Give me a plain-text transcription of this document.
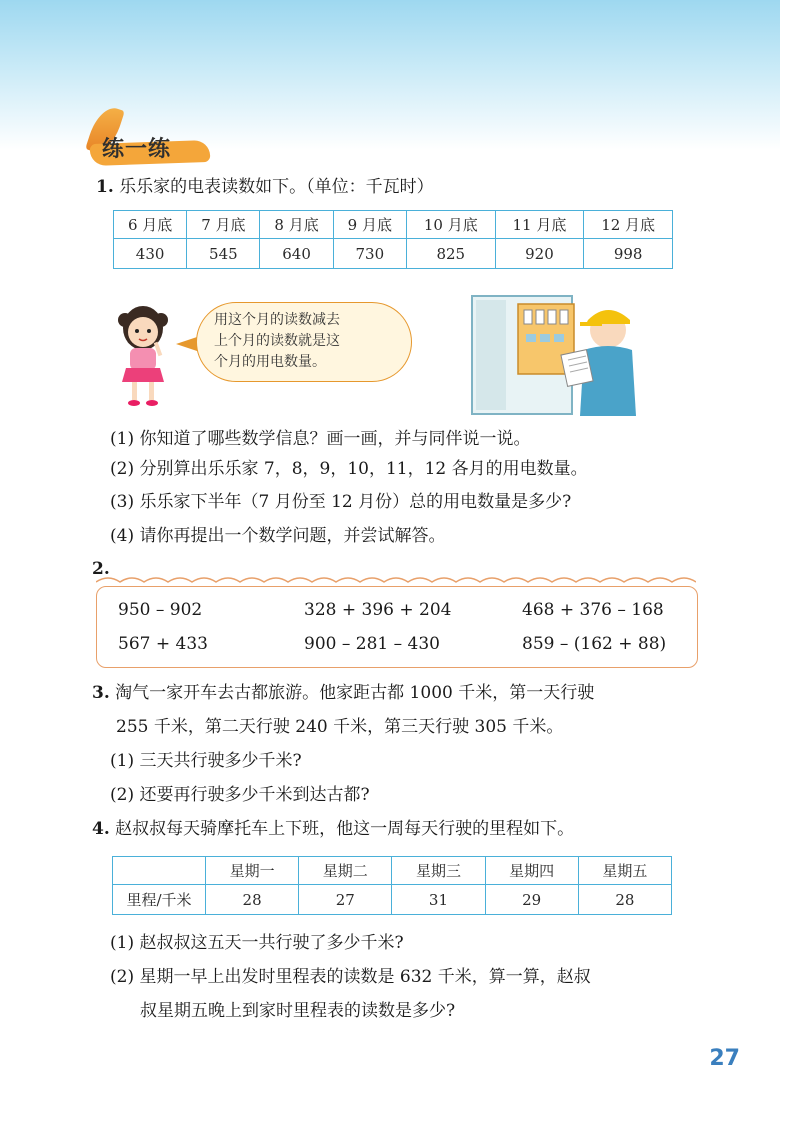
练一练
1. 乐乐家的电表读数如下。（单位：千瓦时）
6 月底	7 月底	8 月底	9 月底	10 月底	11 月底	12 月底
430	545	640	730	825	920	998
用这个月的读数减去
上个月的读数就是这
个月的用电数量。
(1) 你知道了哪些数学信息？画一画，并与同伴说一说。
(2) 分别算出乐乐家 7，8，9，10，11，12 各月的用电数量。
(3) 乐乐家下半年（7 月份至 12 月份）总的用电数量是多少?
(4) 请你再提出一个数学问题，并尝试解答。
2.
950 – 902	328 + 396 + 204	468 + 376 – 168
567 + 433	900 – 281 – 430	859 – (162 + 88)
3. 淘气一家开车去古都旅游。他家距古都 1000 千米，第一天行驶
255 千米，第二天行驶 240 千米，第三天行驶 305 千米。
(1) 三天共行驶多少千米?
(2) 还要再行驶多少千米到达古都?
4. 赵叔叔每天骑摩托车上下班，他这一周每天行驶的里程如下。
	星期一	星期二	星期三	星期四	星期五
里程/千米	28	27	31	29	28
(1) 赵叔叔这五天一共行驶了多少千米?
(2) 星期一早上出发时里程表的读数是 632 千米，算一算，赵叔
叔星期五晚上到家时里程表的读数是多少?
27
